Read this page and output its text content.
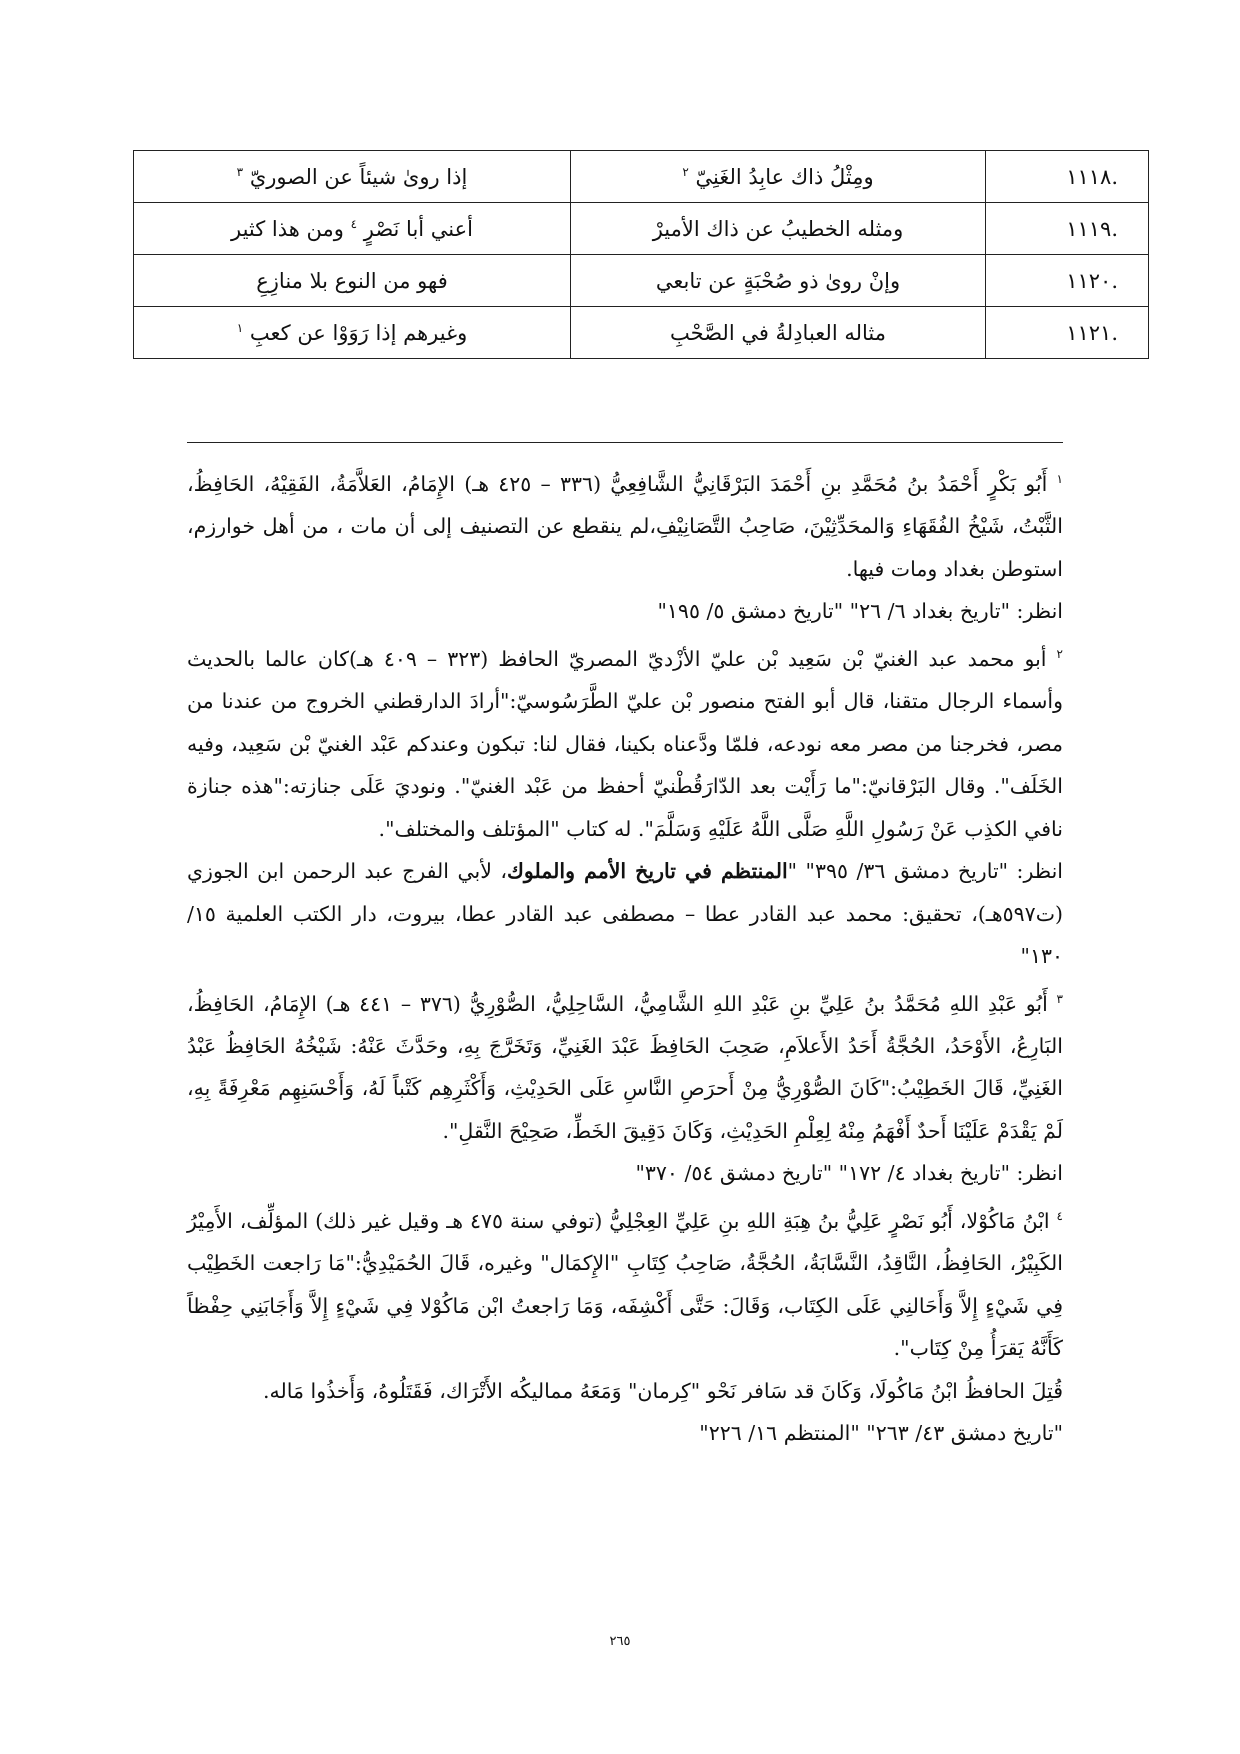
.١١١٨	ومِثْلُ ذاك عابِدُ الغَنِيّ $^٢$	إذا روىٰ شيئاً عن الصوريّ $^٣$
.١١١٩	ومثله الخطيبُ عن ذاك الأميرْ	أعني أبا نَصْرٍ $^٤$ ومن هذا كثير
.١١٢٠	وإنْ روىٰ ذو صُحْبَةٍ عن تابعي	فهو من النوع بلا منازِعِ
.١١٢١	مثاله العبادِلةُ في الصَّحْبِ	وغيرهم إذا رَوَوْا عن كعبِ $^١$

$^١$ أَبُو بَكْرٍ أَحْمَدُ بنُ مُحَمَّدِ بنِ أَحْمَدَ البَرْقَانِيُّ الشَّافِعِيُّ (٣٣٦ – ٤٢٥ هـ) الإِمَامُ، العَلاَّمَةُ، الفَقِيْهُ، الحَافِظُ، الثَّبْتُ، شَيْخُ الفُقَهَاءِ وَالمحَدِّثِيْنَ، صَاحِبُ التَّصَانِيْفِ،لم ينقطع عن التصنيف إلى أن مات ، من أهل خوارزم، استوطن بغداد ومات فيها.

انظر: "تاريخ بغداد ٦/ ٢٦" "تاريخ دمشق ٥/ ١٩٥"

$^٢$ أبو محمد عبد الغنيّ بْن سَعِيد بْن عليّ الأزْديّ المصريّ الحافظ (٣٢٣ – ٤٠٩ هـ)كان عالما بالحديث وأسماء الرجال متقنا، قال أبو الفتح منصور بْن عليّ الطَّرَسُوسيّ:"أرادَ الدارقطني الخروج من عندنا من مصر، فخرجنا من مصر معه نودعه، فلمّا ودَّعناه بكينا، فقال لنا: تبكون وعندكم عَبْد الغنيّ بْن سَعِيد، وفيه الخَلَف". وقال البَرْقانيّ:"ما رَأَيْت بعد الدّارَقُطْنيّ أحفظ من عَبْد الغنيّ". ونوديَ عَلَى جنازته:"هذه جنازة نافي الكذِب عَنْ رَسُولِ اللَّهِ صَلَّى اللَّهُ عَلَيْهِ وَسَلَّمَ". له كتاب "المؤتلف والمختلف".

انظر: "تاريخ دمشق ٣٦/ ٣٩٥" "المنتظم في تاريخ الأمم والملوك، لأبي الفرج عبد الرحمن ابن الجوزي (ت٥٩٧هـ)، تحقيق: محمد عبد القادر عطا – مصطفى عبد القادر عطا، بيروت، دار الكتب العلمية ١٥/ ١٣٠"

$^٣$ أَبُو عَبْدِ اللهِ مُحَمَّدُ بنُ عَلِيِّ بنِ عَبْدِ اللهِ الشَّامِيُّ، السَّاحِلِيُّ، الصُّوْرِيُّ (٣٧٦ – ٤٤١ هـ) الإِمَامُ، الحَافِظُ، البَارِعُ، الأَوْحَدُ، الحُجَّةُ أَحَدُ الأَعلاَمِ، صَحِبَ الحَافِظَ عَبْدَ الغَنِيِّ، وَتَخَرَّجَ بِهِ، وحَدَّثَ عَنْهُ: شَيْخُهُ الحَافِظُ عَبْدُ الغَنِيِّ، قَالَ الخَطِيْبُ:"كَانَ الصُّوْرِيُّ مِنْ أَحرَصِ النَّاسِ عَلَى الحَدِيْثِ، وَأَكْثَرِهِم كَتْباً لَهُ، وَأَحْسَنِهِم مَعْرِفَةً بِهِ، لَمْ يَقْدَمْ عَلَيْنَا أَحدٌ أَفْهَمُ مِنْهُ لِعِلْمِ الحَدِيْثِ، وَكَانَ دَقِيقَ الخَطِّ، صَحِيْحَ النَّقلِ".

انظر: "تاريخ بغداد ٤/ ١٧٢" "تاريخ دمشق ٥٤/ ٣٧٠"

$^٤$ ابْنُ مَاكُوْلا، أَبُو نَصْرٍ عَلِيُّ بنُ هِبَةِ اللهِ بنِ عَلِيِّ العِجْلِيُّ (توفي سنة ٤٧٥ هـ وقيل غير ذلك) المؤلِّف، الأَمِيْرُ الكَبِيْرُ، الحَافِظُ، النَّاقِدُ، النَّسَّابَةُ، الحُجَّةُ، صَاحِبُ كِتَابِ "الإِكمَال" وغيره، قَالَ الحُمَيْدِيُّ:"مَا رَاجعت الخَطِيْب فِي شَيْءٍ إِلاَّ وَأَحَالنِي عَلَى الكِتَاب، وَقَالَ: حَتَّى أَكْشِفَه، وَمَا رَاجعتُ ابْن مَاكُوْلا فِي شَيْءٍ إِلاَّ وَأَجَابَنِي حِفْظاً كَأَنَّهُ يَقرَأُ مِنْ كِتَاب".

قُتِلَ الحافظُ ابْنُ مَاكُولَا، وَكَانَ قد سَافر نَحْو "كِرمان" وَمَعَهُ مماليكُه الأَتْرَاك، فَقَتَلُوهُ، وَأَخذُوا مَاله.

"تاريخ دمشق ٤٣/ ٢٦٣" "المنتظم ١٦/ ٢٢٦"

٢٦٥
